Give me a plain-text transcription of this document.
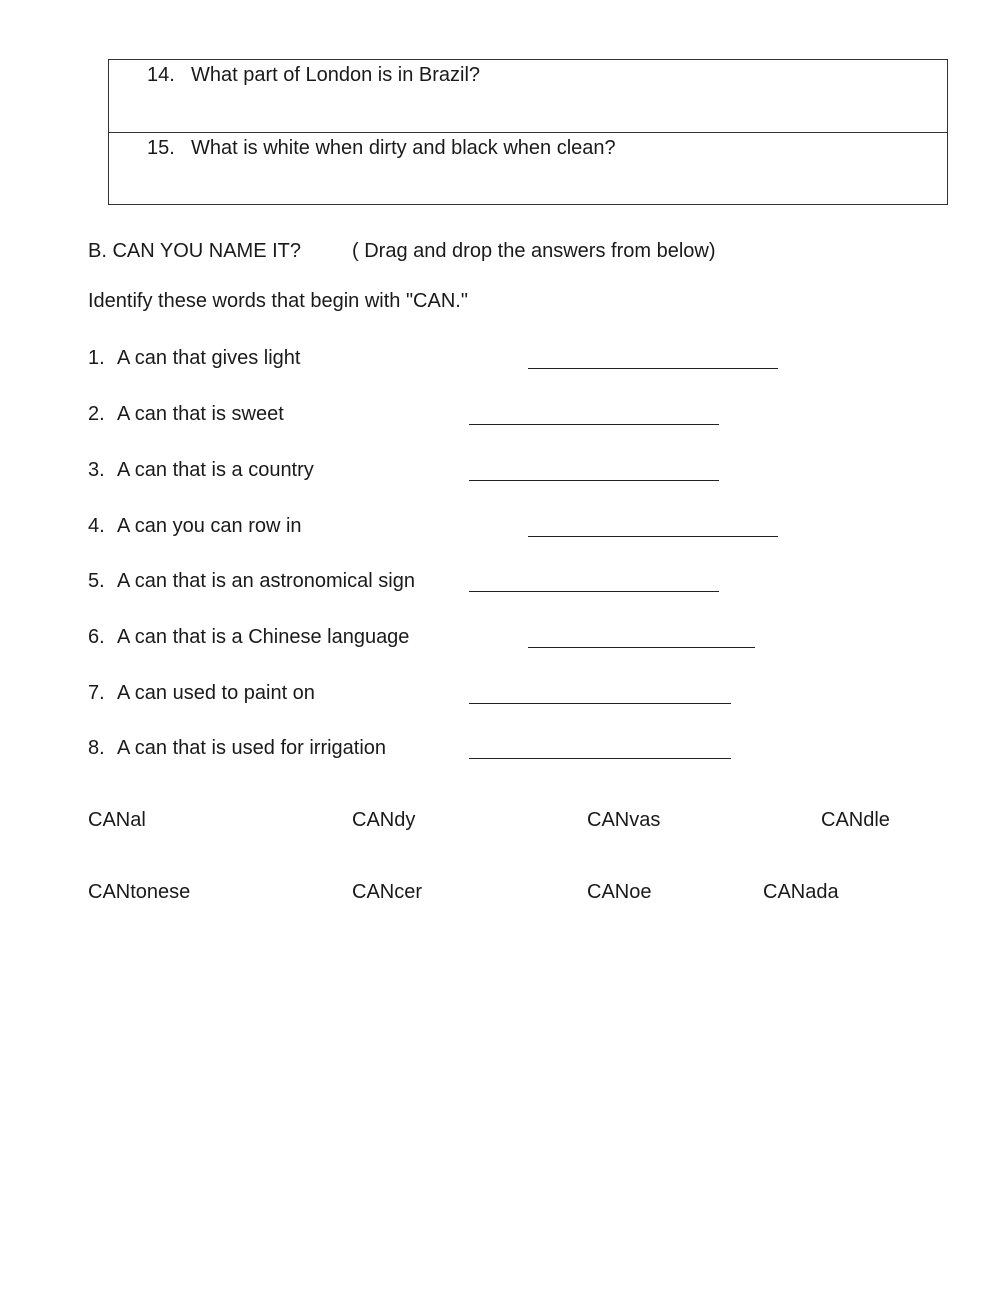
14. What part of London is in Brazil?
15. What is white when dirty and black when clean?
B. CAN YOU NAME IT?	( Drag and drop the answers from below)
Identify these words that begin with "CAN."
1. A can that gives light
2. A can that is sweet
3. A can that is a country
4. A can you can row in
5. A can that is an astronomical sign
6. A can that is a Chinese language
7. A can used to paint on
8. A can that is used for irrigation
CANal	CANdy	CANvas	CANdle
CANtonese	CANcer	CANoe	CANada
